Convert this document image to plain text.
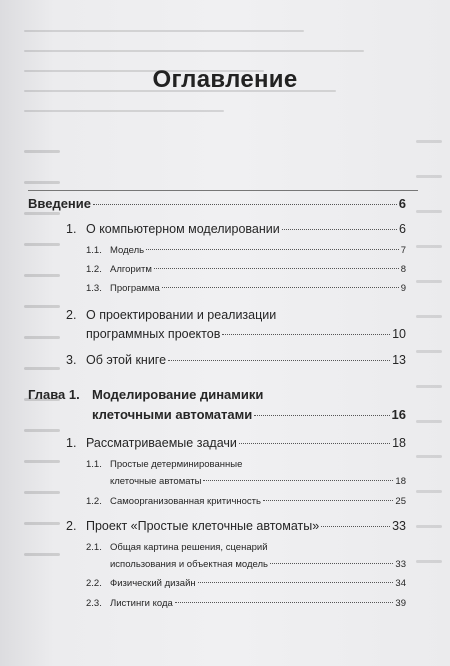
Оглавление
Введение	6
1. О компьютерном моделировании	6
1.1. Модель	7
1.2. Алгоритм	8
1.3. Программа	9
2. О проектировании и реализации
программных проектов	10
3. Об этой книге	13
Глава 1. Моделирование динамики
клеточными автоматами	16
1. Рассматриваемые задачи	18
1.1. Простые детерминированные
клеточные автоматы	18
1.2. Самоорганизованная критичность	25
2. Проект «Простые клеточные автоматы»	33
2.1. Общая картина решения, сценарий
использования и объектная модель	33
2.2. Физический дизайн	34
2.3. Листинги кода	39
